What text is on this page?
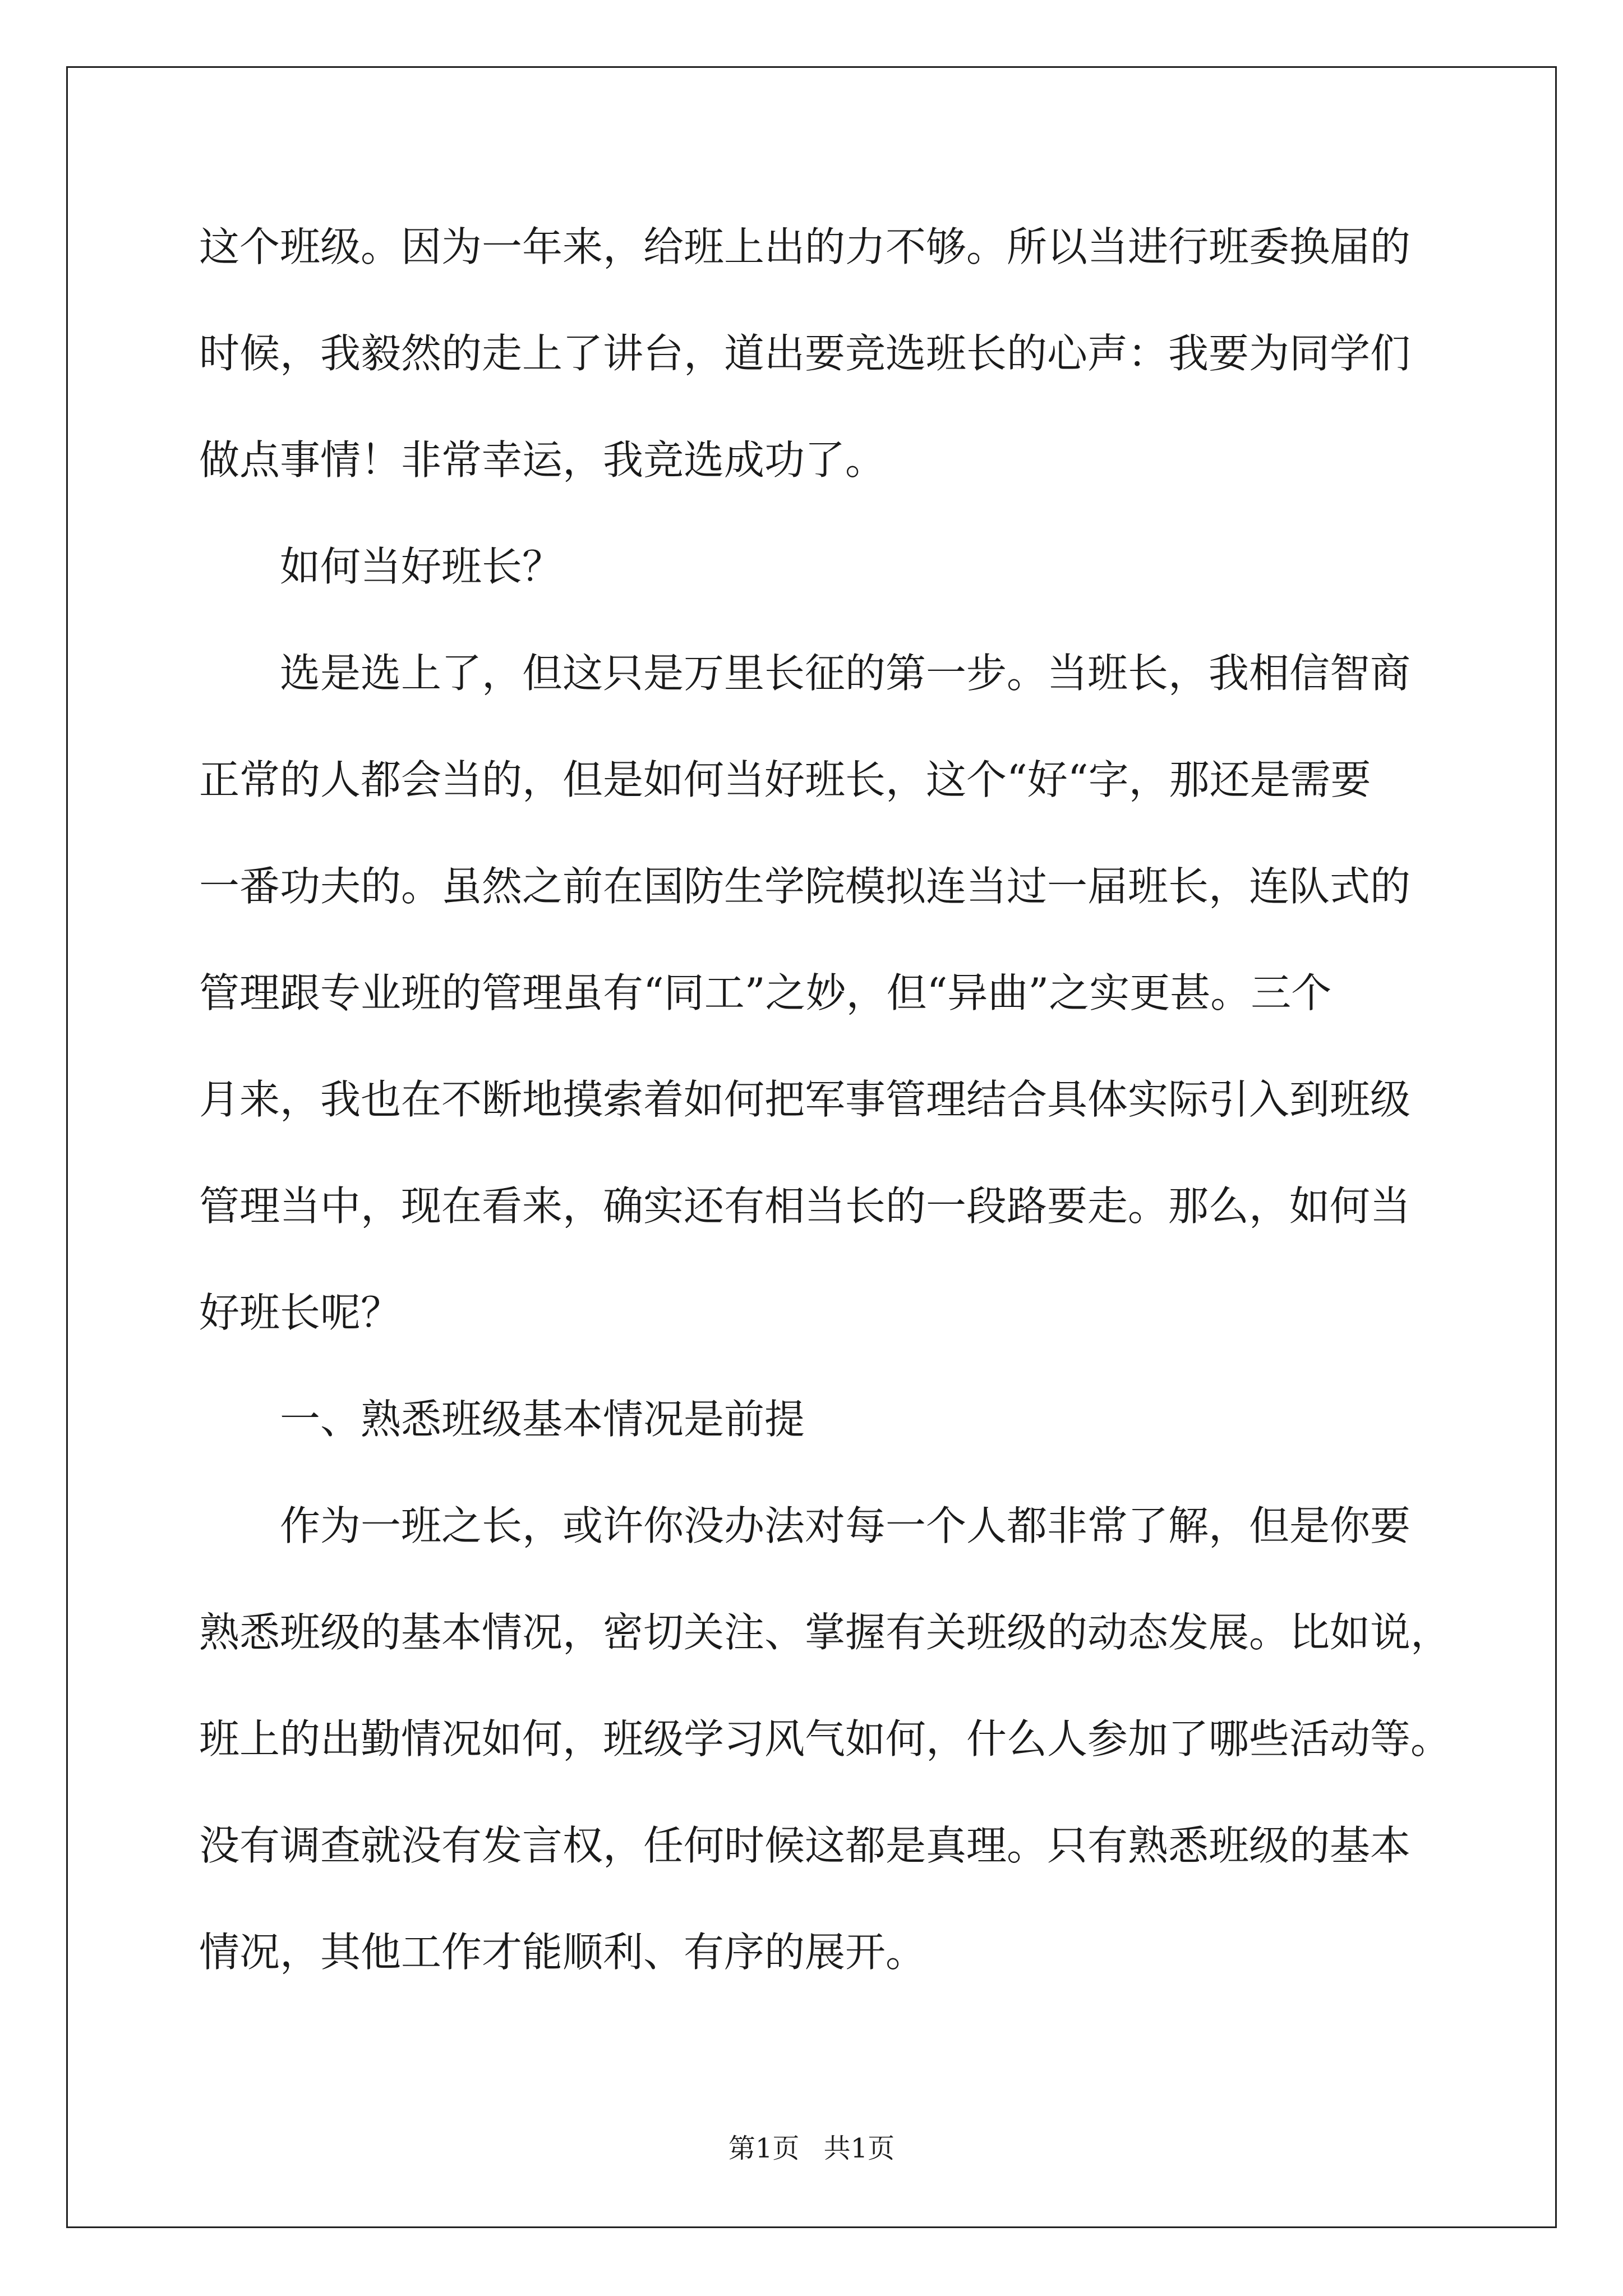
这个班级。因为一年来，给班上出的力不够。所以当进行班委换届的
时候，我毅然的走上了讲台，道出要竞选班长的心声：我要为同学们
做点事情！非常幸运，我竞选成功了。
　　如何当好班长？
　　选是选上了，但这只是万里长征的第一步。当班长，我相信智商
正常的人都会当的，但是如何当好班长，这个“好“字，那还是需要
一番功夫的。虽然之前在国防生学院模拟连当过一届班长，连队式的
管理跟专业班的管理虽有“同工”之妙，但“异曲”之实更甚。三个
月来，我也在不断地摸索着如何把军事管理结合具体实际引入到班级
管理当中，现在看来，确实还有相当长的一段路要走。那么，如何当
好班长呢？
　　一、熟悉班级基本情况是前提
　　作为一班之长，或许你没办法对每一个人都非常了解，但是你要
熟悉班级的基本情况，密切关注、掌握有关班级的动态发展。比如说，
班上的出勤情况如何，班级学习风气如何，什么人参加了哪些活动等。
没有调查就没有发言权，任何时候这都是真理。只有熟悉班级的基本
情况，其他工作才能顺利、有序的展开。
第1页 共1页
